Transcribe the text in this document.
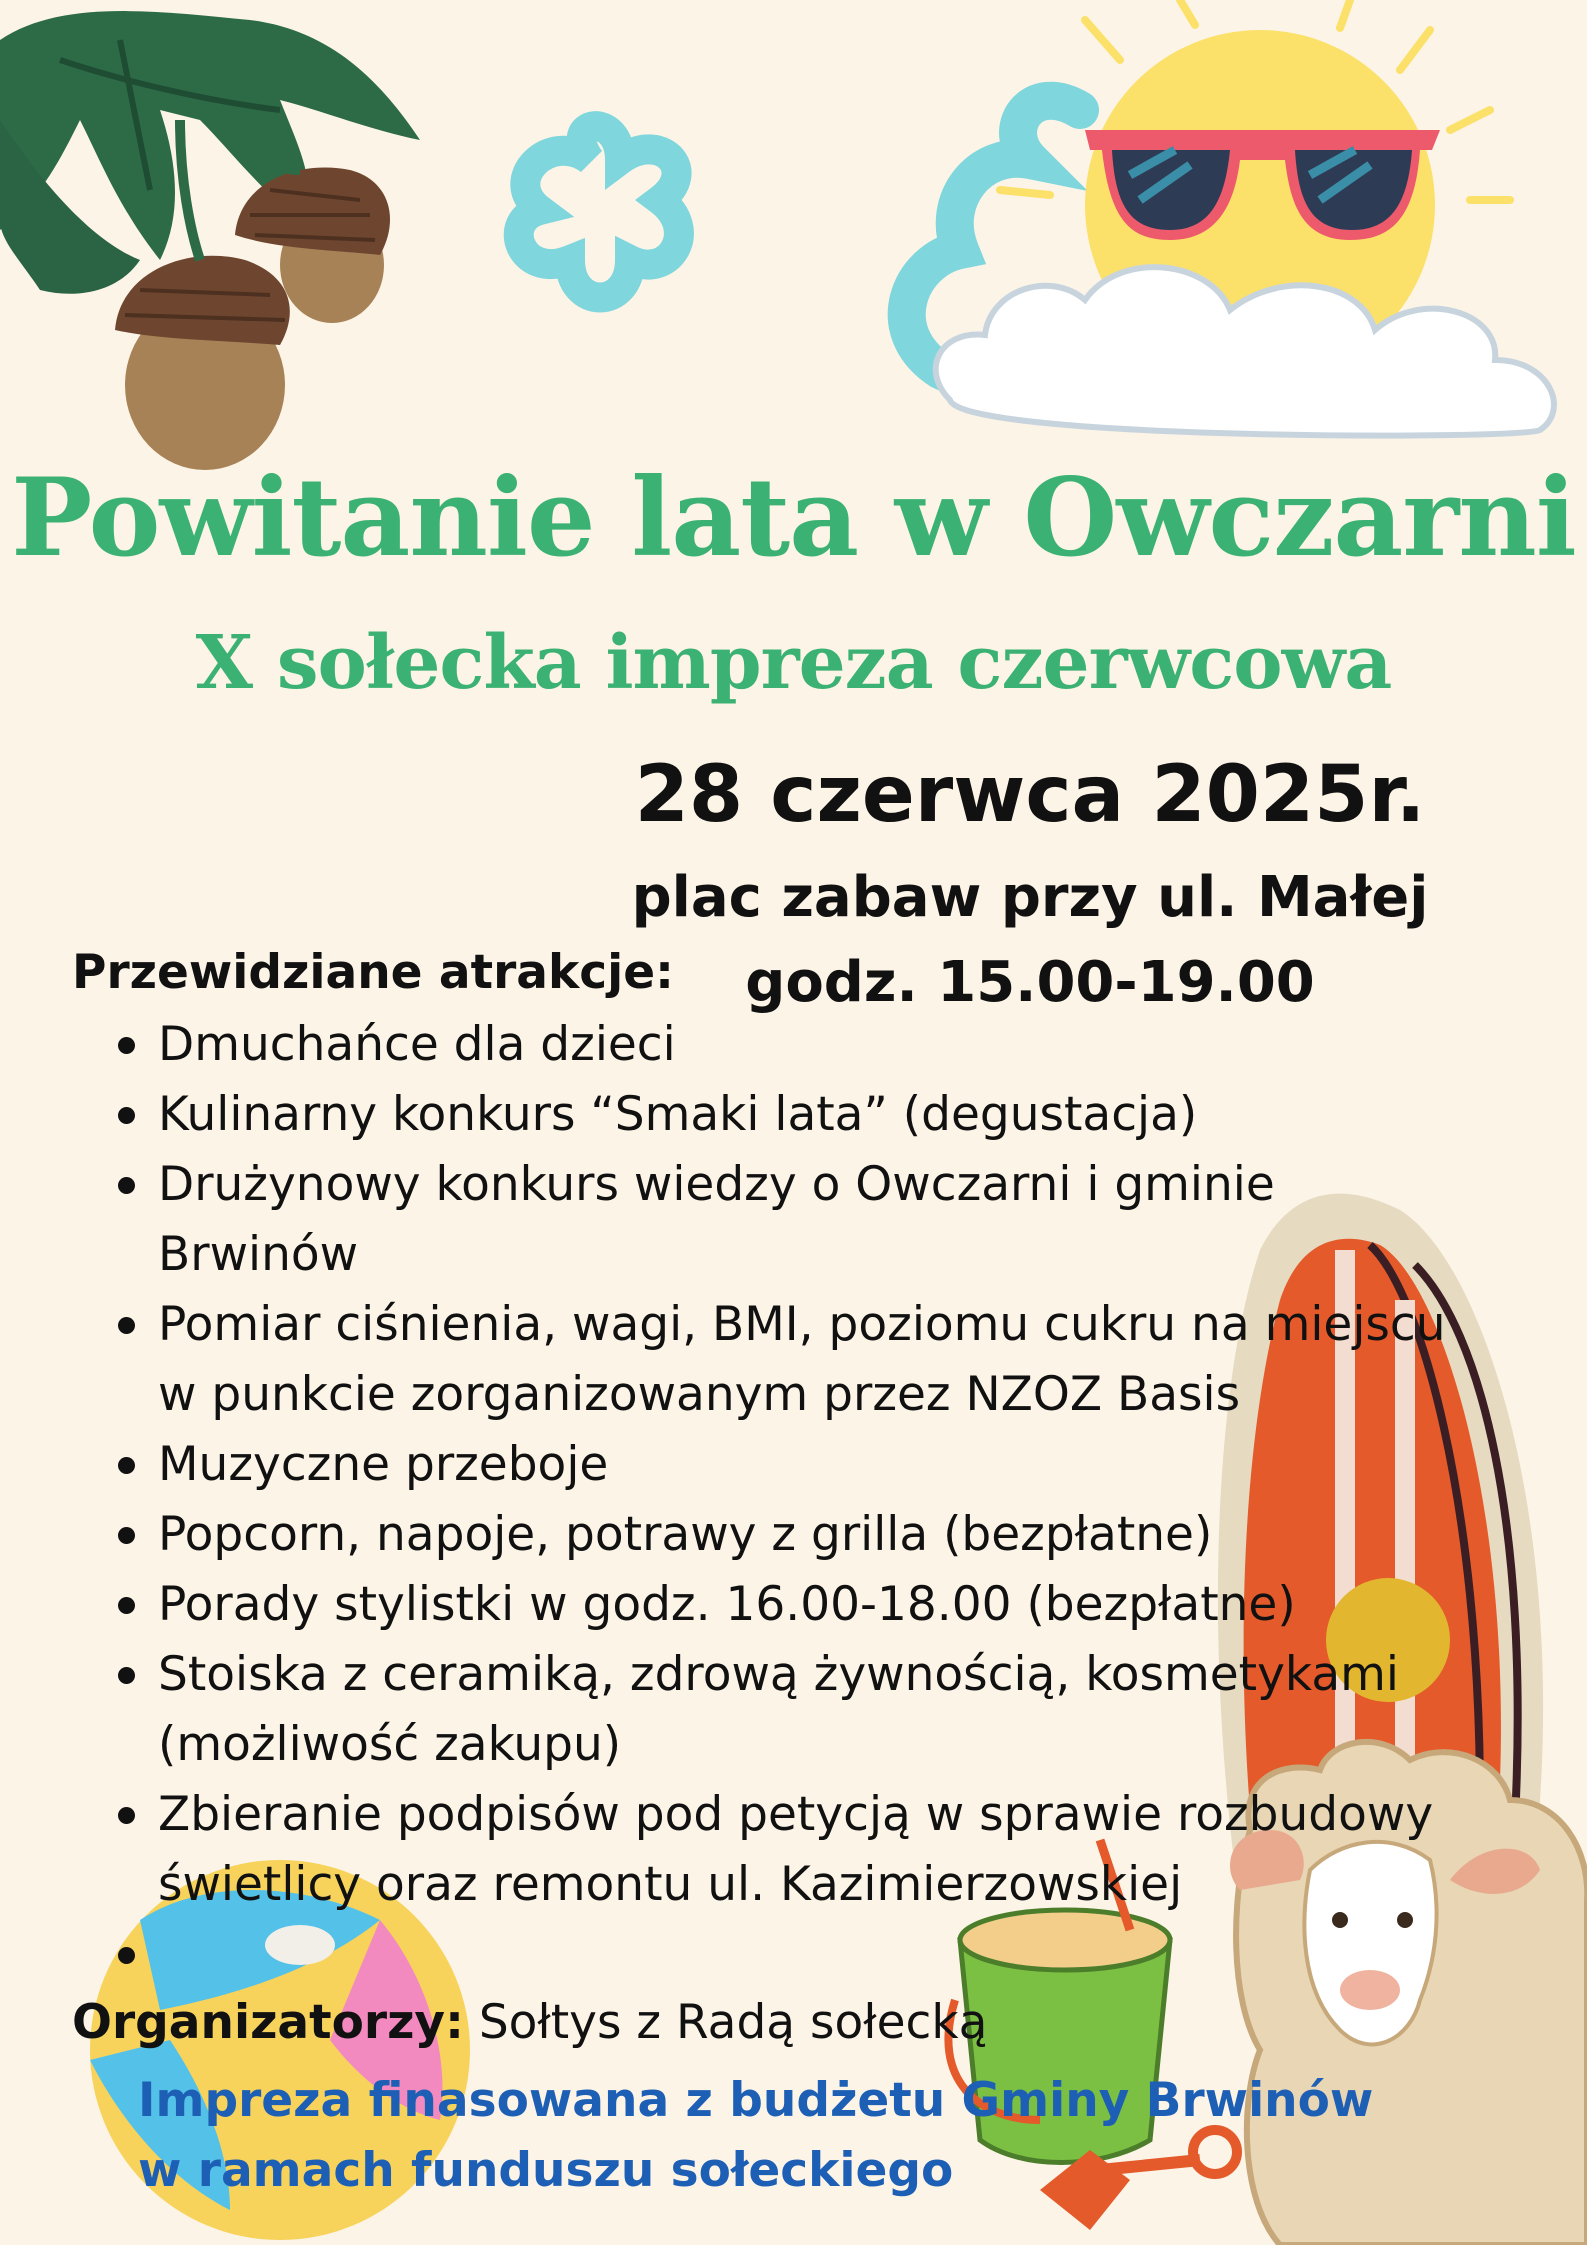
Powitanie lata w Owczarni
X sołecka impreza czerwcowa
28 czerwca 2025r.
plac zabaw przy ul. Małej
godz. 15.00-19.00
Przewidziane atrakcje:
Dmuchańce dla dzieci
Kulinarny konkurs “Smaki lata” (degustacja)
Drużynowy konkurs wiedzy o Owczarni i gminie Brwinów
Pomiar ciśnienia, wagi, BMI, poziomu cukru na miejscu w punkcie zorganizowanym przez NZOZ Basis
Muzyczne przeboje
Popcorn, napoje, potrawy z grilla (bezpłatne)
Porady stylistki w godz. 16.00-18.00 (bezpłatne)
Stoiska z ceramiką, zdrową żywnością, kosmetykami (możliwość zakupu)
Zbieranie podpisów pod petycją w sprawie rozbudowy świetlicy oraz remontu ul. Kazimierzowskiej
Organizatorzy: Sołtys z Radą sołecką
Impreza finasowana z budżetu Gminy Brwinów
w ramach funduszu sołeckiego
